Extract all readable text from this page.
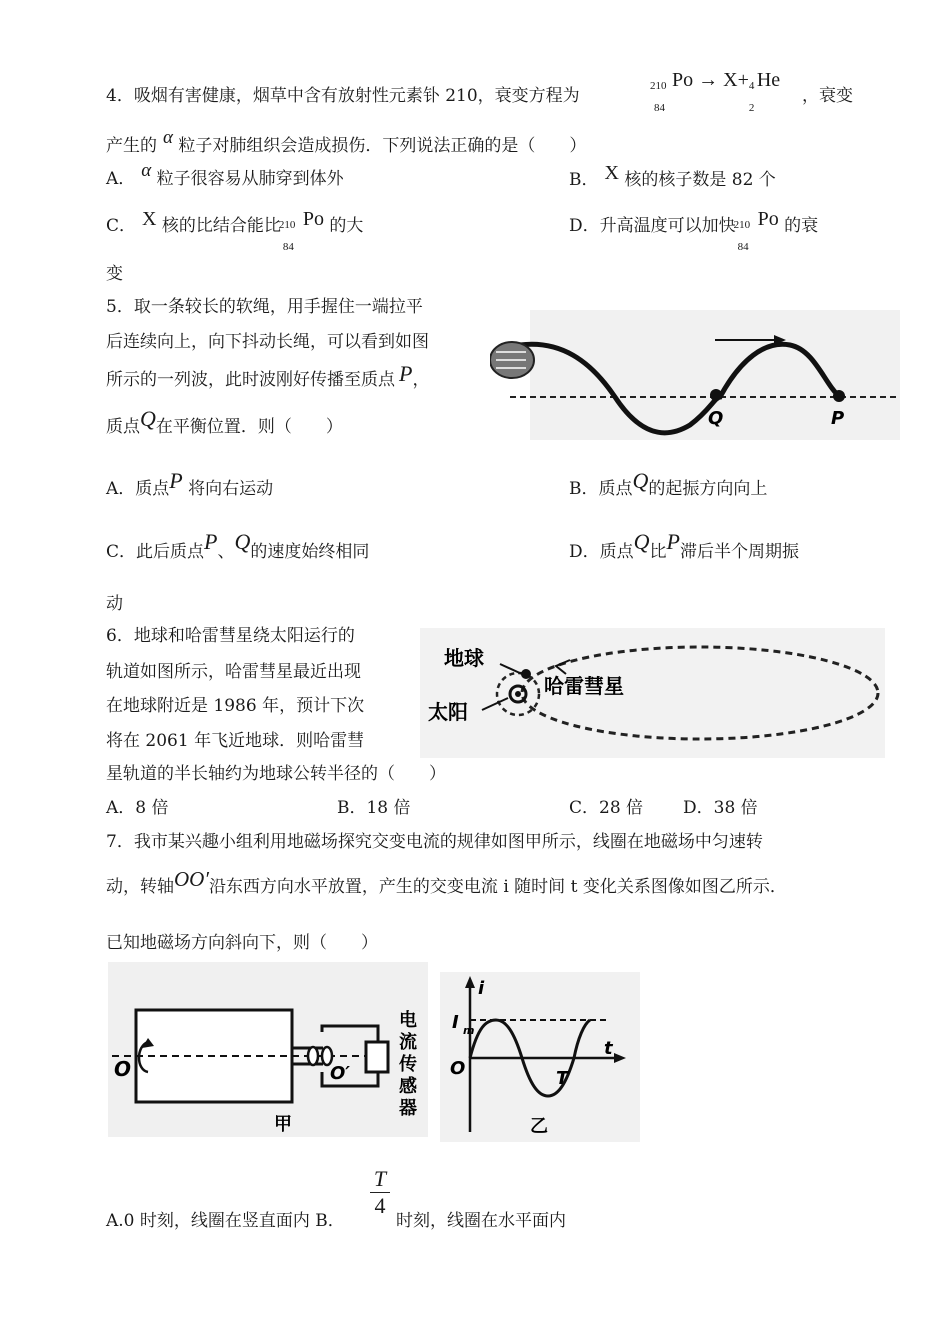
4．吸烟有害健康，烟草中含有放射性元素钋 210，衰变方程为	210
84
Po → X+ 4
2
He
，衰变
产生的 α 粒子对肺组织会造成损伤．下列说法正确的是（　　）
A． α 粒子很容易从肺穿到体外	B． X 核的核子数是 82 个
C． X 核的比结合能比
210
84
Po 的大	D．升高温度可以加快
210
84
Po 的衰
变
5．取一条较长的软绳，用手握住一端拉平
后连续向上，向下抖动长绳，可以看到如图
所示的一列波，此时波刚好传播至质点 P，
质点Q在平衡位置．则（　　）	Q	P
A．质点P 将向右运动	B．质点Q的起振方向向上
C．此后质点P、Q的速度始终相同	D．质点Q比P滞后半个周期振
动
6．地球和哈雷彗星绕太阳运行的
轨道如图所示，哈雷彗星最近出现
在地球附近是 1986 年，预计下次
将在 2061 年飞近地球．则哈雷彗
星轨道的半长轴约为地球公转半径的（　　）
地球
哈雷彗星
太阳
A．8 倍	B．18 倍	C．28 倍 D．38 倍
7．我市某兴趣小组利用地磁场探究交变电流的规律如图甲所示，线圈在地磁场中匀速转
动，转轴OO′沿东西方向水平放置，产生的交变电流 i 随时间 t 变化关系图像如图乙所示．
已知地磁场方向斜向下，则（　　）
O	O′
电
流
传
感
器
甲
i
I m
t
O	T
乙
A.0 时刻，线圈在竖直面内 B．
T
4
时刻，线圈在水平面内
